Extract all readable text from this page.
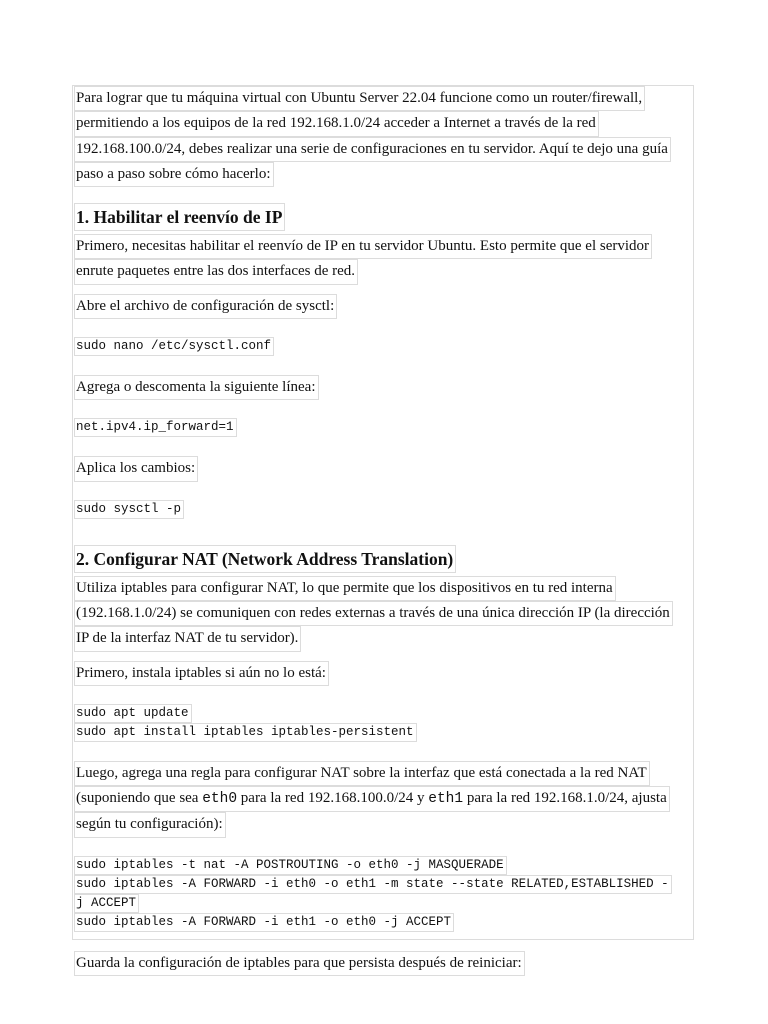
Para lograr que tu máquina virtual con Ubuntu Server 22.04 funcione como un router/firewall,
permitiendo a los equipos de la red 192.168.1.0/24 acceder a Internet a través de la red
192.168.100.0/24, debes realizar una serie de configuraciones en tu servidor. Aquí te dejo una guía
paso a paso sobre cómo hacerlo:
1. Habilitar el reenvío de IP
Primero, necesitas habilitar el reenvío de IP en tu servidor Ubuntu. Esto permite que el servidor
enrute paquetes entre las dos interfaces de red.
Abre el archivo de configuración de sysctl:
sudo nano /etc/sysctl.conf
Agrega o descomenta la siguiente línea:
net.ipv4.ip_forward=1
Aplica los cambios:
sudo sysctl -p
2. Configurar NAT (Network Address Translation)
Utiliza iptables para configurar NAT, lo que permite que los dispositivos en tu red interna
(192.168.1.0/24) se comuniquen con redes externas a través de una única dirección IP (la dirección
IP de la interfaz NAT de tu servidor).
Primero, instala iptables si aún no lo está:
sudo apt update
sudo apt install iptables iptables-persistent
Luego, agrega una regla para configurar NAT sobre la interfaz que está conectada a la red NAT
(suponiendo que sea eth0 para la red 192.168.100.0/24 y eth1 para la red 192.168.1.0/24, ajusta
según tu configuración):
sudo iptables -t nat -A POSTROUTING -o eth0 -j MASQUERADE
sudo iptables -A FORWARD -i eth0 -o eth1 -m state --state RELATED,ESTABLISHED -
j ACCEPT
sudo iptables -A FORWARD -i eth1 -o eth0 -j ACCEPT
Guarda la configuración de iptables para que persista después de reiniciar:
